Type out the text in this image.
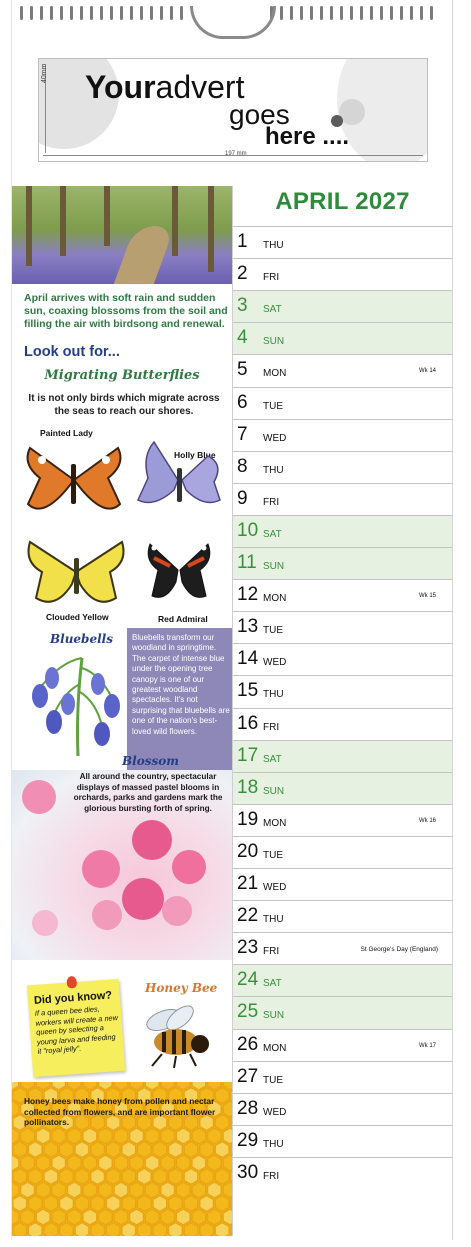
40mm
197 mm
Youradvert
goes
here ....
April arrives with soft rain and sudden sun, coaxing blossoms from the soil and filling the air with birdsong and renewal.
Look out for...
Migrating Butterflies
It is not only birds which migrate across the seas to reach our shores.
Painted Lady
Holly Blue
Clouded Yellow	Red Admiral
Bluebells Bluebells transform our woodland in springtime. The carpet of intense blue under the opening tree canopy is one of our greatest woodland spectacles. It's not surprising that bluebells are one of the nation's best-loved wild flowers.
Blossom
All around the country, spectacular displays of massed pastel blooms in orchards, parks and gardens mark the glorious bursting forth of spring.
Did you know?
If a queen bee dies, workers will create a new queen by selecting a young larva and feeding it "royal jelly".
Honey Bee
Honey bees make honey from pollen and nectar collected from flowers, and are important flower pollinators.
APRIL 2027
1 THU
2 FRI
3 SAT
4 SUN
5 MON	Wk 14
6 TUE
7 WED
8 THU
9 FRI
10 SAT
11 SUN
12 MON	Wk 15
13 TUE
14 WED
15 THU
16 FRI
17 SAT
18 SUN
19 MON	Wk 16
20 TUE
21 WED
22 THU
23 FRI	St George's Day (England)
24 SAT
25 SUN
26 MON	Wk 17
27 TUE
28 WED
29 THU
30 FRI
